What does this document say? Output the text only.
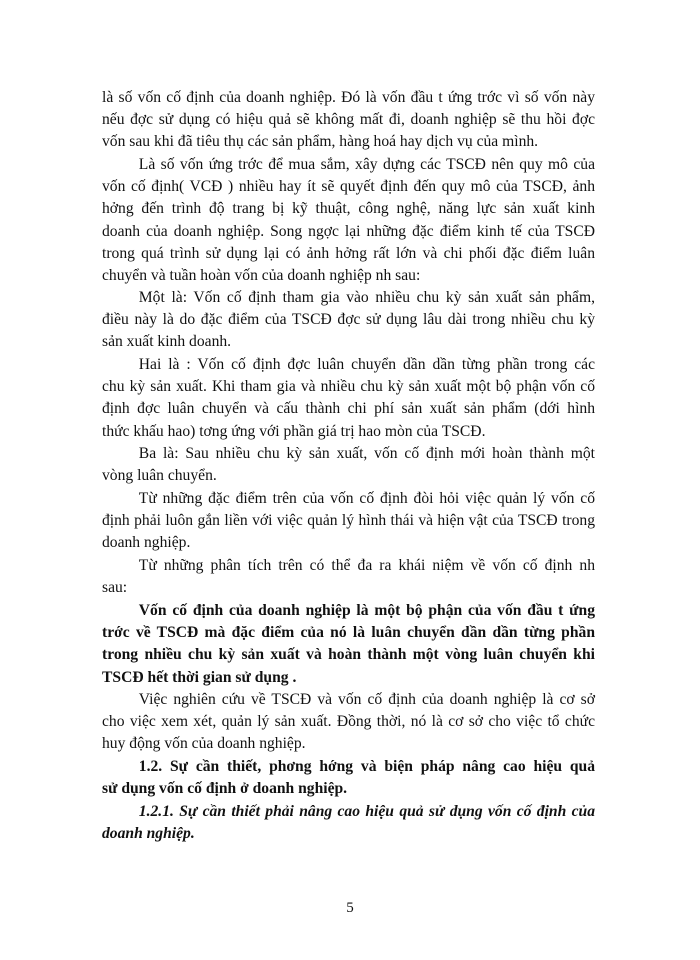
là số vốn cố định của doanh nghiệp. Đó là vốn đầu t ứng trớc vì số vốn này
nếu đợc sử dụng có hiệu quả sẽ không mất đi, doanh nghiệp sẽ thu hồi đợc
vốn sau khi đã tiêu thụ các sản phẩm, hàng hoá hay dịch vụ của mình.
Là số vốn ứng trớc để mua sắm, xây dựng các TSCĐ nên quy mô của
vốn cố định( VCĐ ) nhiều hay ít sẽ quyết định đến quy mô của TSCĐ, ảnh
hởng đến trình độ trang bị kỹ thuật, công nghệ, năng lực sản xuất kinh
doanh của doanh nghiệp. Song ngợc lại những đặc điểm kinh tế của TSCĐ
trong quá trình sử dụng lại có ảnh hởng rất lớn và chi phối đặc điểm luân
chuyển và tuần hoàn vốn của doanh nghiệp nh sau:
Một là: Vốn cố định tham gia vào nhiều chu kỳ sản xuất sản phẩm,
điều này là do đặc điểm của TSCĐ đợc sử dụng lâu dài trong nhiều chu kỳ
sản xuất kinh doanh.
Hai là : Vốn cố định đợc luân chuyển dần dần từng phần trong các
chu kỳ sản xuất. Khi tham gia và nhiều chu kỳ sản xuất một bộ phận vốn cố
định đợc luân chuyển và cấu thành chi phí sản xuất sản phẩm (dới hình
thức khấu hao) tơng ứng với phần giá trị hao mòn của TSCĐ.
Ba là: Sau nhiều chu kỳ sản xuất, vốn cố định mới hoàn thành một
vòng luân chuyển.
Từ những đặc điểm trên của vốn cố định đòi hỏi việc quản lý vốn cố
định phải luôn gắn liền với việc quản lý hình thái và hiện vật của TSCĐ trong
doanh nghiệp.
Từ những phân tích trên có thể đa ra khái niệm về vốn cố định nh
sau:
Vốn cố định của doanh nghiệp là một bộ phận của vốn đầu t ứng
trớc về TSCĐ mà đặc điểm của nó là luân chuyển dần dần từng phần
trong nhiều chu kỳ sản xuất và hoàn thành một vòng luân chuyển khi
TSCĐ hết thời gian sử dụng .
Việc nghiên cứu về TSCĐ và vốn cố định của doanh nghiệp là cơ sở
cho việc xem xét, quản lý sản xuất. Đồng thời, nó là cơ sở cho việc tổ chức
huy động vốn của doanh nghiệp.
1.2. Sự cần thiết, phơng hớng và biện pháp nâng cao hiệu quả
sử dụng vốn cố định ở doanh nghiệp.
1.2.1. Sự cần thiết phải nâng cao hiệu quả sử dụng vốn cố định của
doanh nghiệp.
5
